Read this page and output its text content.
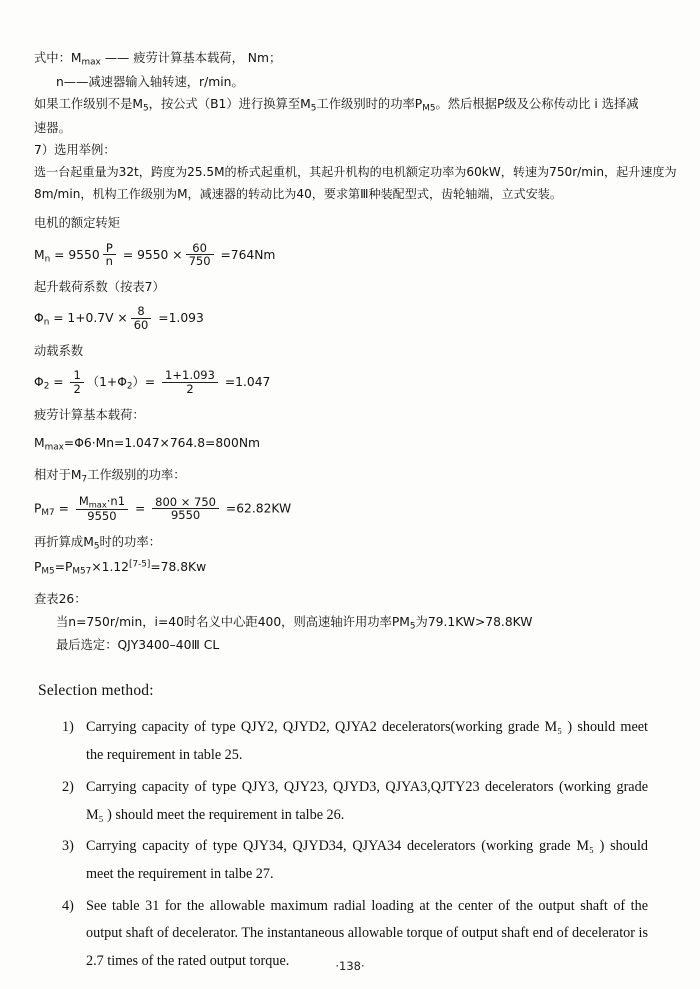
式中：$M_{max}$ —— 疲劳计算基本载荷， Nm；
n——减速器输入轴转速，r/min。
如果工作级别不是$M_5$，按公式（B1）进行换算至$M_5$工作级别时的功率$P_{M5}$。然后根据P级及公称传动比 i 选择减
速器。
7）选用举例：
选一台起重量为32t，跨度为25.5M的桥式起重机，其起升机构的电机额定功率为60kW，转速为750r/min，起升速度为
8m/min，机构工作级别为M，减速器的转动比为40，要求第Ⅲ种装配型式，齿轮轴端，立式安装。
电机的额定转矩
$M_n = 9550 \frac{P}{n} = 9550 \times \frac{60}{750} =764Nm$
起升载荷系数（按表7）
$\Phi_n = 1+0.7V \times \frac{8}{60} =1.093$
动载系数
$\Phi_2 = \frac{1}{2} (1+\Phi_2)= \frac{1+1.093}{2} =1.047$
疲劳计算基本载荷：
$M_{max}=\Phi 6\cdot Mn=1.047\times 764.8=800Nm$
相对于$M_7$工作级别的功率：
$P_{M7} = \frac{M_{max}\cdot n1}{9550} = \frac{800 \times 750}{9550} =62.82KW$
再折算成$M_5$时的功率：
$P_{M5}=P_{M57}\times 1.12[7-5]=78.8Kw$
查表26：
当n=750r/min，i=40时名义中心距400，则高速轴许用功率$PM_5$为79.1KW>78.8KW
最后选定：QJY3400–40Ⅲ CL
Selection method:
1) Carrying capacity of type QJY2, QJYD2, QJYA2 decelerators(working grade M₅ ) should meet the requirement in table 25.
2) Carrying capacity of type QJY3, QJY23, QJYD3, QJYA3,QJTY23 decelerators (working grade M₅ ) should meet the requirement in talbe 26.
3) Carrying capacity of type QJY34, QJYD34, QJYA34 decelerators (working grade M₅ ) should meet the requirement in talbe 27.
4) See table 31 for the allowable maximum radial loading at the center of the output shaft of the output shaft of decelerator. The instantaneous allowable torque of output shaft end of decelerator is 2.7 times of the rated output torque.	·138·
